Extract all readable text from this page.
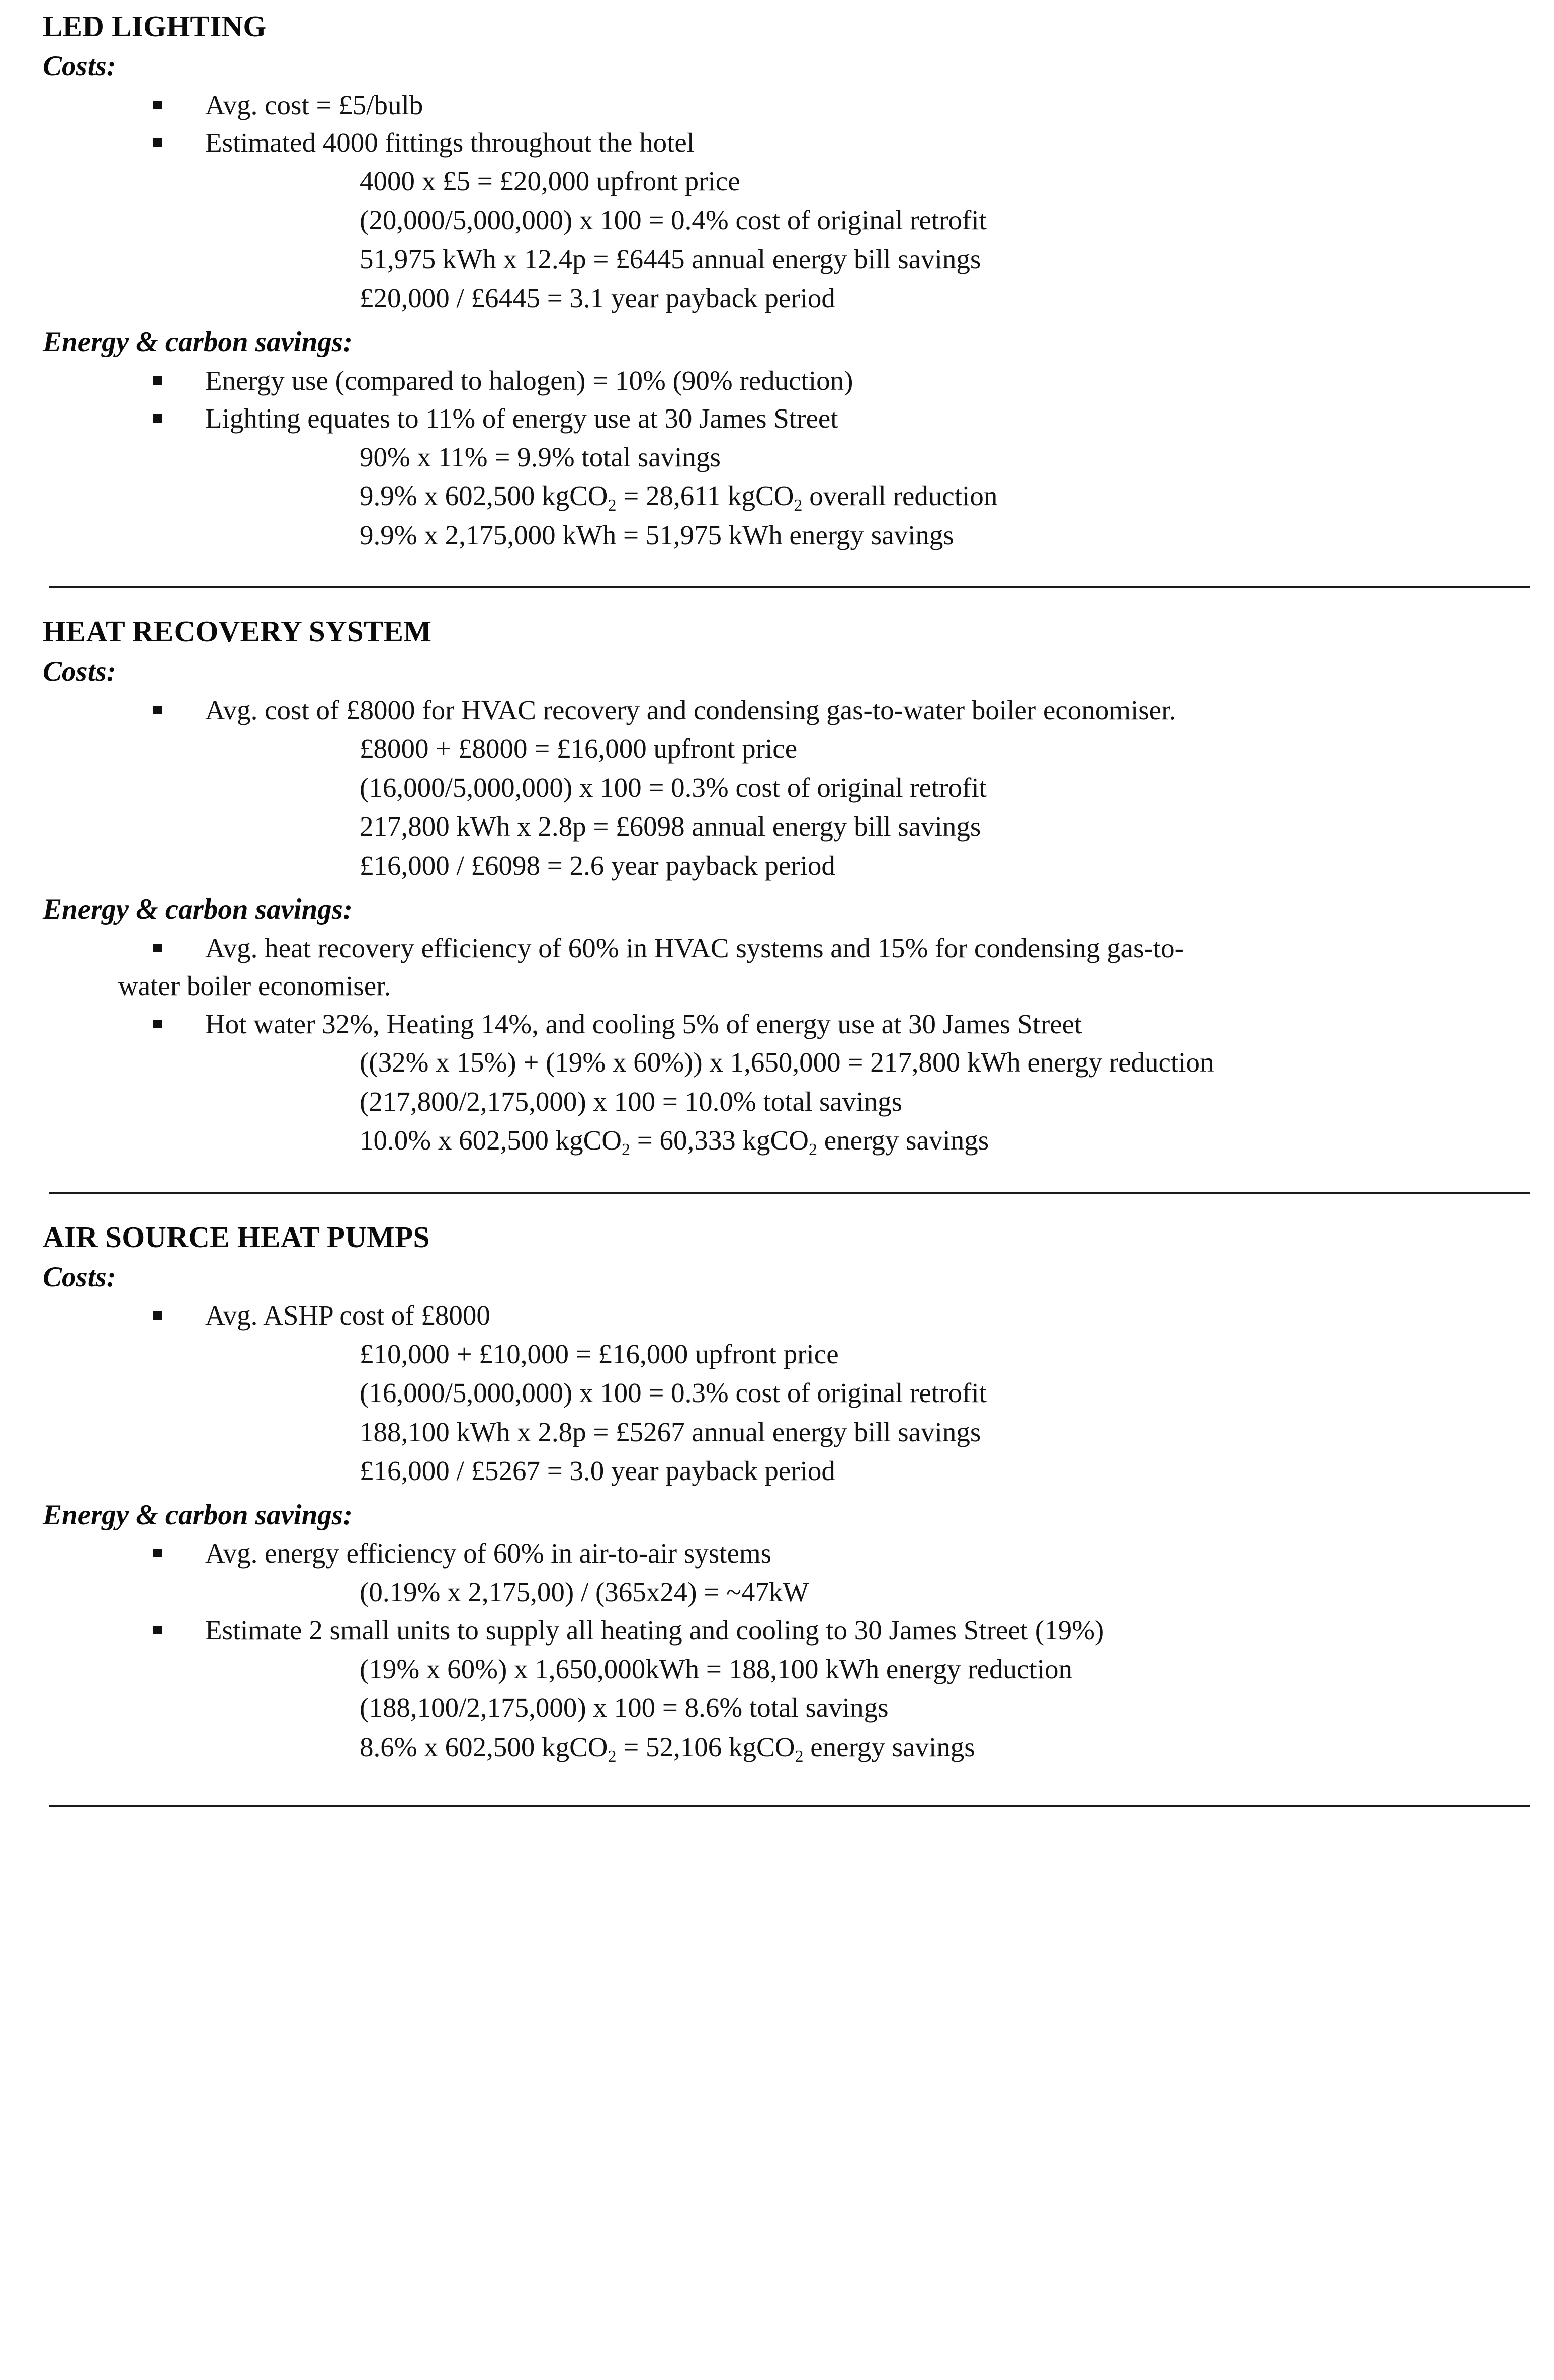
LED LIGHTING
Costs:
Avg. cost = £5/bulb
Estimated 4000 fittings throughout the hotel
4000 x £5 = £20,000 upfront price
(20,000/5,000,000) x 100 = 0.4% cost of original retrofit
51,975 kWh x 12.4p = £6445 annual energy bill savings
£20,000 / £6445 = 3.1 year payback period
Energy & carbon savings:
Energy use (compared to halogen) = 10% (90% reduction)
Lighting equates to 11% of energy use at 30 James Street
90% x 11% = 9.9% total savings
9.9% x 602,500 kgCO$_2$ = 28,611 kgCO$_2$ overall reduction
9.9% x 2,175,000 kWh = 51,975 kWh energy savings
HEAT RECOVERY SYSTEM
Costs:
Avg. cost of £8000 for HVAC recovery and condensing gas-to-water boiler economiser.
£8000 + £8000 = £16,000 upfront price
(16,000/5,000,000) x 100 = 0.3% cost of original retrofit
217,800 kWh x 2.8p = £6098 annual energy bill savings
£16,000 / £6098 = 2.6 year payback period
Energy & carbon savings:
Avg. heat recovery efficiency of 60% in HVAC systems and 15% for condensing gas-to-
water boiler economiser.
Hot water 32%, Heating 14%, and cooling 5% of energy use at 30 James Street
((32% x 15%) + (19% x 60%)) x 1,650,000 = 217,800 kWh energy reduction
(217,800/2,175,000) x 100 = 10.0% total savings
10.0% x 602,500 kgCO$_2$ = 60,333 kgCO$_2$ energy savings
AIR SOURCE HEAT PUMPS
Costs:
Avg. ASHP cost of £8000
£10,000 + £10,000 = £16,000 upfront price
(16,000/5,000,000) x 100 = 0.3% cost of original retrofit
188,100 kWh x 2.8p = £5267 annual energy bill savings
£16,000 / £5267 = 3.0 year payback period
Energy & carbon savings:
Avg. energy efficiency of 60% in air-to-air systems
(0.19% x 2,175,00) / (365x24) = ~47kW
Estimate 2 small units to supply all heating and cooling to 30 James Street (19%)
(19% x 60%) x 1,650,000kWh = 188,100 kWh energy reduction
(188,100/2,175,000) x 100 = 8.6% total savings
8.6% x 602,500 kgCO$_2$ = 52,106 kgCO$_2$ energy savings
